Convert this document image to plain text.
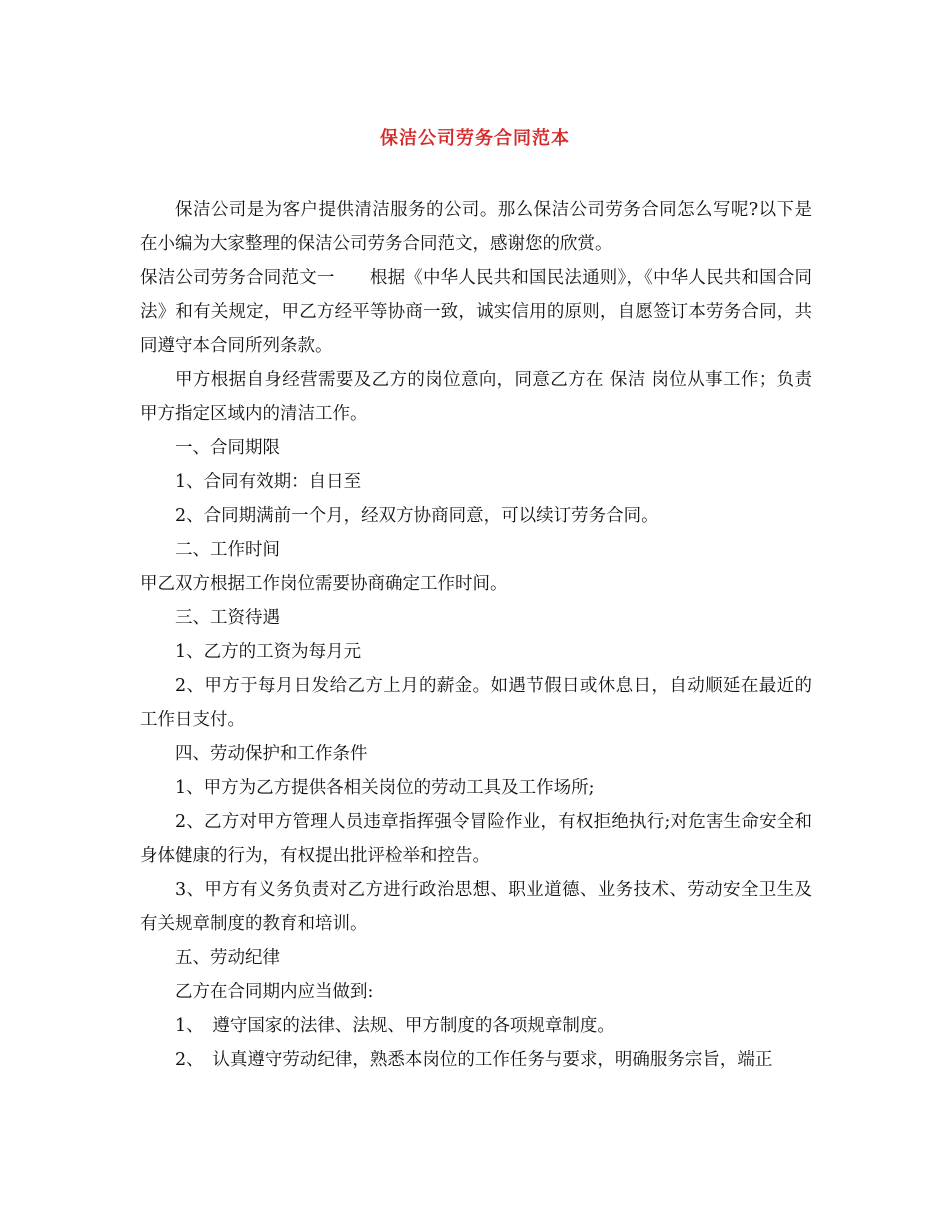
保洁公司劳务合同范本

保洁公司是为客户提供清洁服务的公司。那么保洁公司劳务合同怎么写呢?以下是在小编为大家整理的保洁公司劳务合同范文，感谢您的欣赏。

保洁公司劳务合同范文一　　根据《中华人民共和国民法通则》，《中华人民共和国合同法》和有关规定，甲乙方经平等协商一致，诚实信用的原则，自愿签订本劳务合同，共同遵守本合同所列条款。

甲方根据自身经营需要及乙方的岗位意向，同意乙方在 保洁 岗位从事工作；负责甲方指定区域内的清洁工作。

一、合同期限

1、合同有效期：自日至

2、合同期满前一个月，经双方协商同意，可以续订劳务合同。

二、工作时间

甲乙双方根据工作岗位需要协商确定工作时间。

三、工资待遇

1、乙方的工资为每月元

2、甲方于每月日发给乙方上月的薪金。如遇节假日或休息日，自动顺延在最近的工作日支付。

四、劳动保护和工作条件

1、甲方为乙方提供各相关岗位的劳动工具及工作场所;

2、乙方对甲方管理人员违章指挥强令冒险作业，有权拒绝执行;对危害生命安全和身体健康的行为，有权提出批评检举和控告。

3、甲方有义务负责对乙方进行政治思想、职业道德、业务技术、劳动安全卫生及有关规章制度的教育和培训。

五、劳动纪律

乙方在合同期内应当做到:

1、　遵守国家的法律、法规、甲方制度的各项规章制度。

2、　认真遵守劳动纪律，熟悉本岗位的工作任务与要求，明确服务宗旨，端正
